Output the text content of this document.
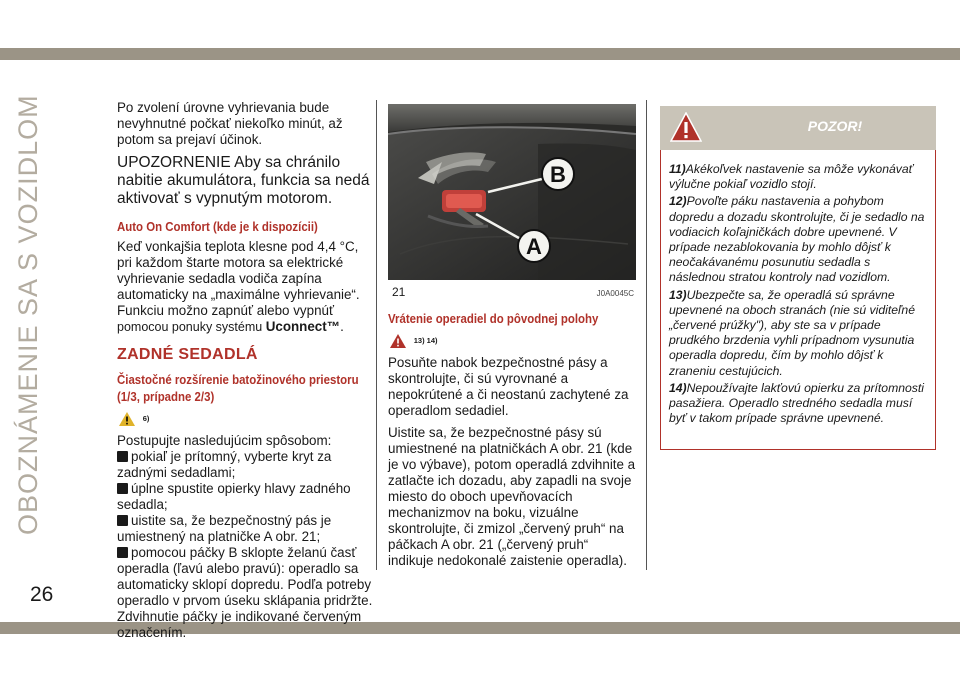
OBOZNÁMENIE SA S VOZIDLOM
26

Po zvolení úrovne vyhrievania bude nevyhnutné počkať niekoľko minút, až potom sa prejaví účinok.

UPOZORNENIE Aby sa chránilo nabitie akumulátora, funkcia sa nedá aktivovať s vypnutým motorom.

Auto On Comfort (kde je k dispozícii)

Keď vonkajšia teplota klesne pod 4,4 °C, pri každom štarte motora sa elektrické vyhrievanie sedadla vodiča zapína automaticky na „maximálne vyhrievanie“. Funkciu možno zapnúť alebo vypnúť
pomocou ponuky systému Uconnect™.

ZADNÉ SEDADLÁ
Čiastočné rozšírenie batožinového priestoru (1/3, prípadne 2/3)
6)

Postupujte nasledujúcim spôsobom:

pokiaľ je prítomný, vyberte kryt za zadnými sedadlami;
úplne spustite opierky hlavy zadného sedadla;
uistite sa, že bezpečnostný pás je umiestnený na platničke A obr. 21;
pomocou páčky B sklopte želanú časť operadla (ľavú alebo pravú): operadlo sa automaticky sklopí dopredu. Podľa potreby operadlo v prvom úseku sklápania pridržte. Zdvihnutie páčky je indikované červeným označením.
B
A
21	J0A0045C
Vrátenie operadiel do pôvodnej polohy
13) 14)

Posuňte nabok bezpečnostné pásy a skontrolujte, či sú vyrovnané a nepokrútené a či neostanú zachytené za operadlom sedadiel.

Uistite sa, že bezpečnostné pásy sú umiestnené na platničkách A obr. 21 (kde je vo výbave), potom operadlá zdvihnite a zatlačte ich dozadu, aby zapadli na svoje miesto do oboch upevňovacích mechanizmov na boku, vizuálne skontrolujte, či zmizol „červený pruh“ na páčkach A obr. 21 („červený pruh“ indikuje nedokonalé zaistenie operadla).

POZOR!

11)Akékoľvek nastavenie sa môže vykonávať výlučne pokiaľ vozidlo stojí.

12)Povoľte páku nastavenia a pohybom dopredu a dozadu skontrolujte, či je sedadlo na vodiacich koľajničkách dobre upevnené. V prípade nezablokovania by mohlo dôjsť k neočakávanému posunutiu sedadla s následnou stratou kontroly nad vozidlom.

13)Ubezpečte sa, že operadlá sú správne upevnené na oboch stranách (nie sú viditeľné „červené prúžky"), aby ste sa v prípade prudkého brzdenia vyhli prípadnom vysunutia operadla dopredu, čím by mohlo dôjsť k zraneniu cestujúcich.

14)Nepoužívajte lakťovú opierku za prítomnosti pasažiera. Operadlo stredného sedadla musí byť v takom prípade správne upevnené.
